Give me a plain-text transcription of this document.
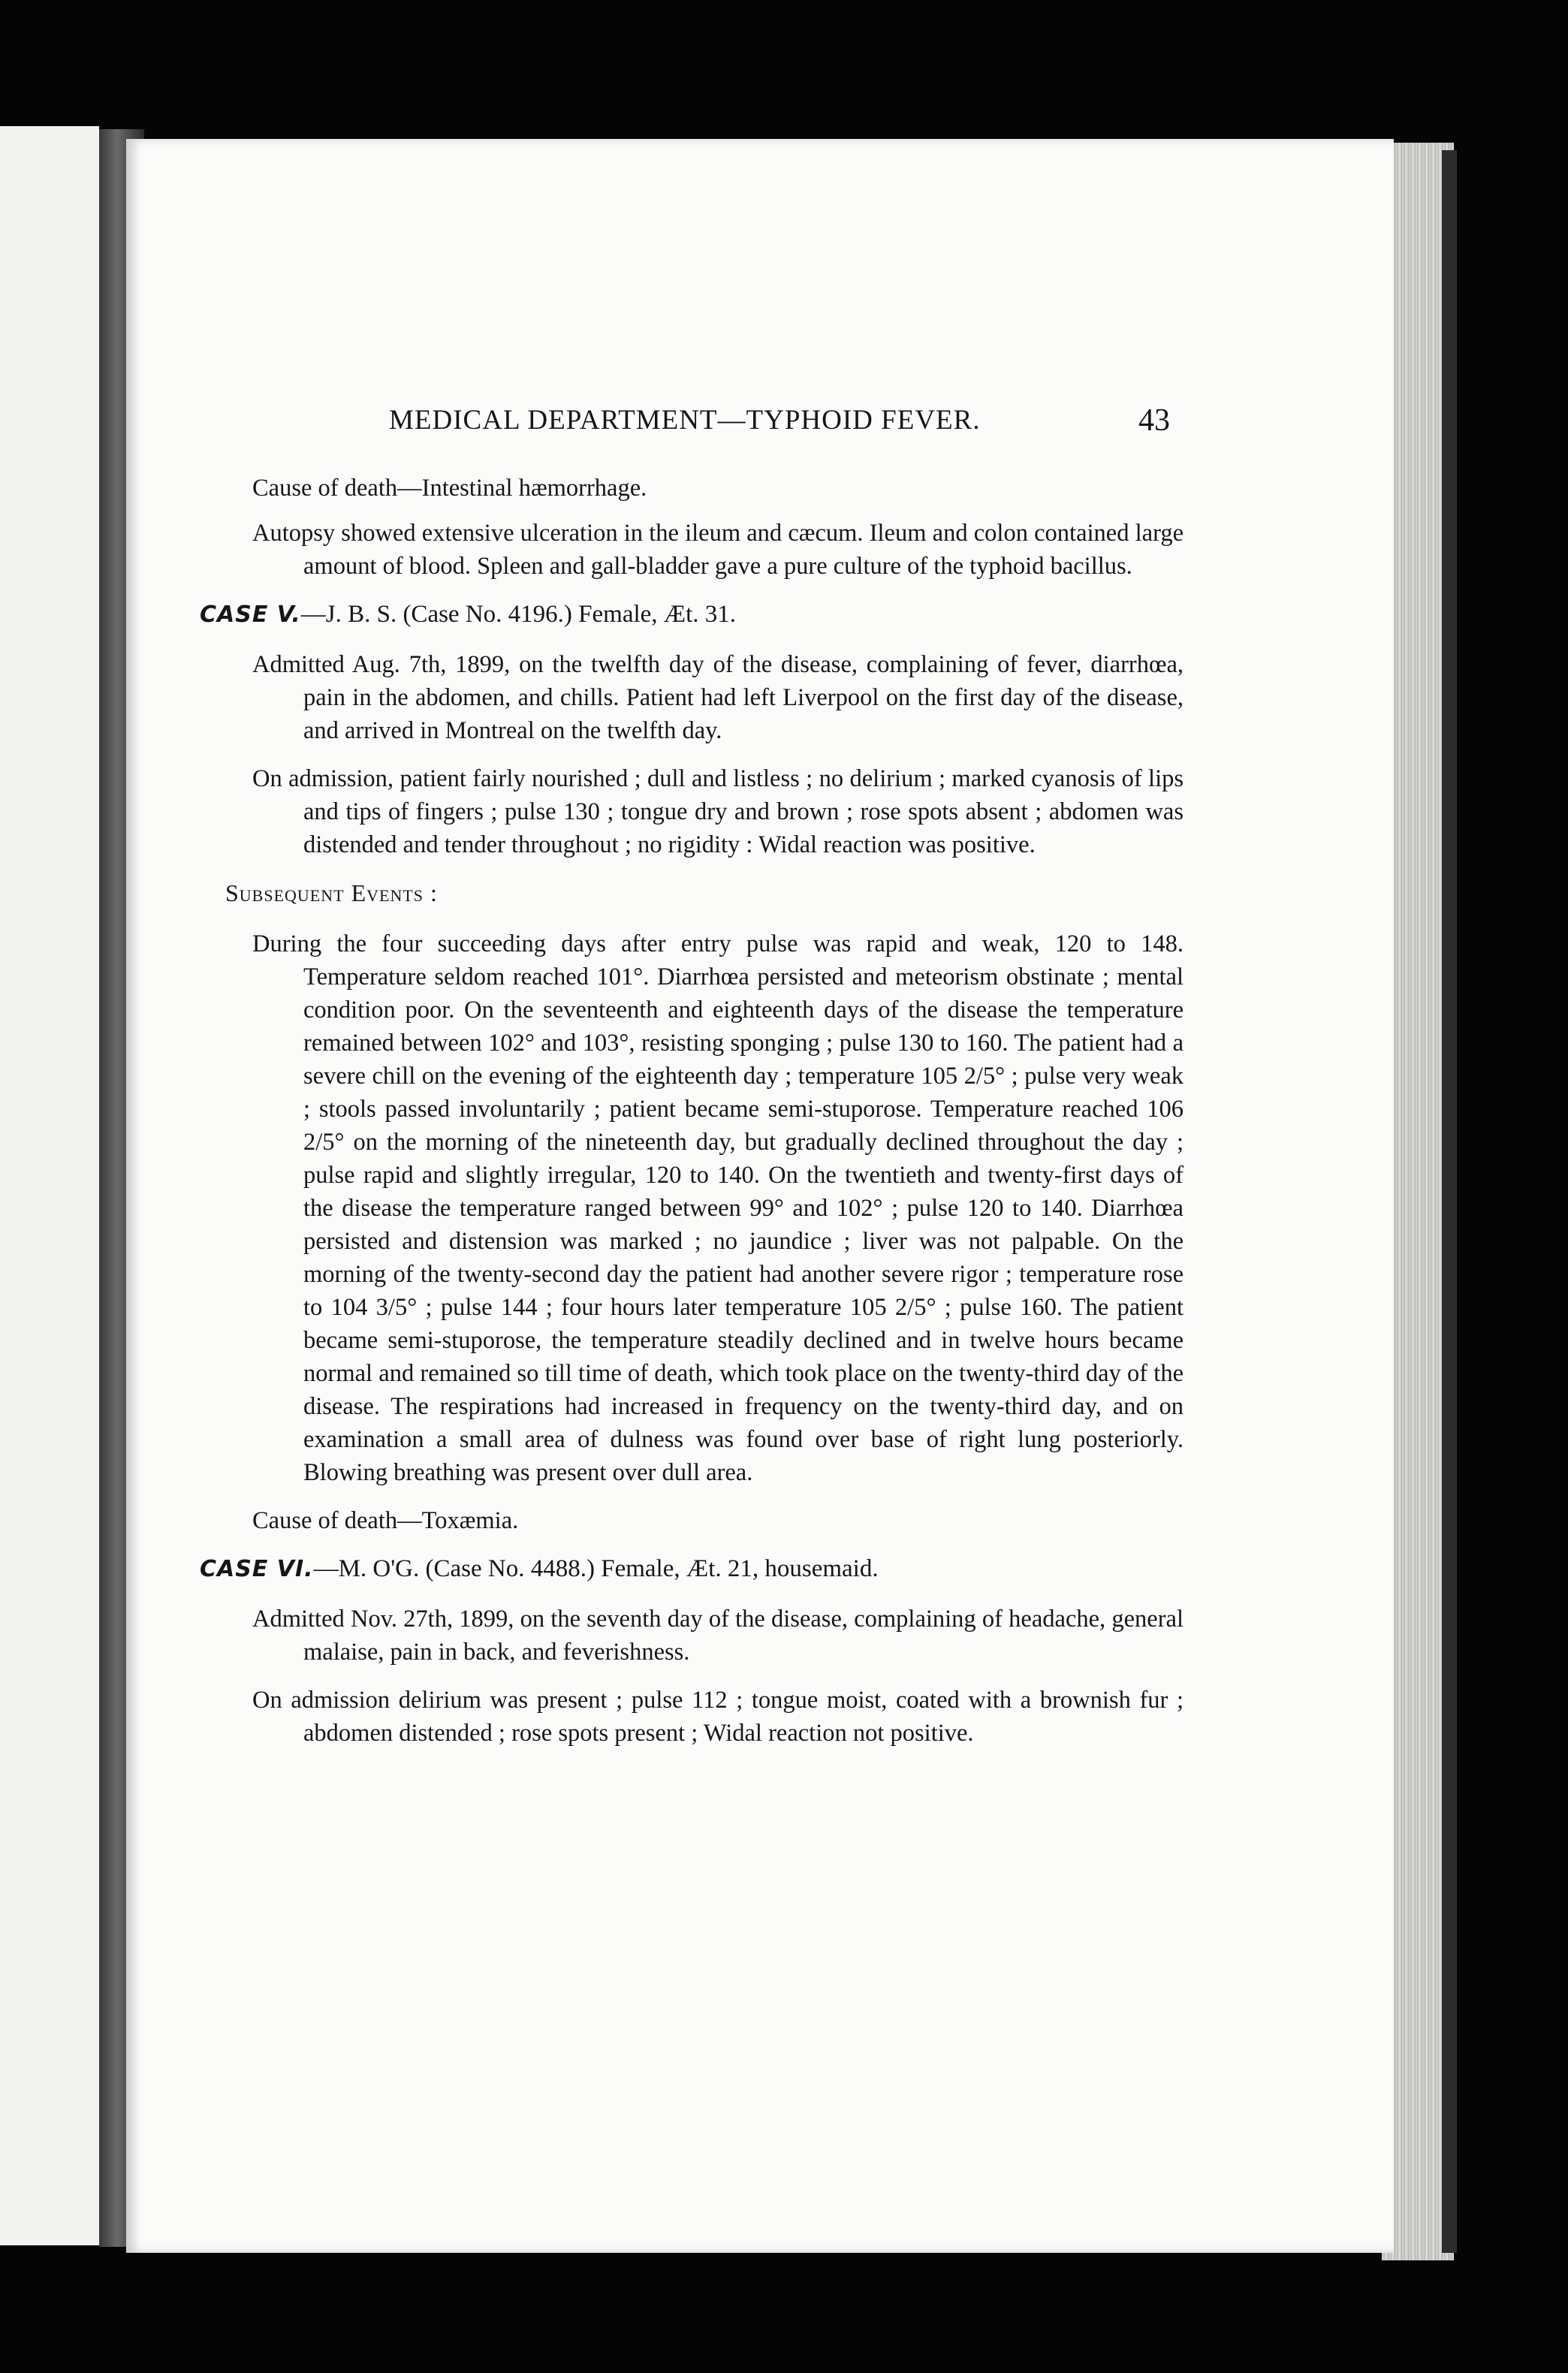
MEDICAL DEPARTMENT—TYPHOID FEVER.	43

Cause of death—Intestinal hæmorrhage.

Autopsy showed extensive ulceration in the ileum and cæcum. Ileum and colon contained large amount of blood. Spleen and gall-bladder gave a pure culture of the typhoid bacillus.

CASE V.—J. B. S. (Case No. 4196.) Female, Æt. 31.

Admitted Aug. 7th, 1899, on the twelfth day of the disease, complaining of fever, diarrhœa, pain in the abdomen, and chills. Patient had left Liverpool on the first day of the disease, and arrived in Montreal on the twelfth day.

On admission, patient fairly nourished ; dull and listless ; no delirium ; marked cyanosis of lips and tips of fingers ; pulse 130 ; tongue dry and brown ; rose spots absent ; abdomen was distended and tender throughout ; no rigidity : Widal reaction was positive.

Subsequent Events :

During the four succeeding days after entry pulse was rapid and weak, 120 to 148. Temperature seldom reached 101°. Diarrhœa persisted and meteorism obstinate ; mental condition poor. On the seventeenth and eighteenth days of the disease the temperature remained between 102° and 103°, resisting sponging ; pulse 130 to 160. The patient had a severe chill on the evening of the eighteenth day ; temperature 105 2/5° ; pulse very weak ; stools passed involuntarily ; patient became semi-stuporose. Temperature reached 106 2/5° on the morning of the nineteenth day, but gradually declined throughout the day ; pulse rapid and slightly irregular, 120 to 140. On the twentieth and twenty-first days of the disease the temperature ranged between 99° and 102° ; pulse 120 to 140. Diarrhœa persisted and distension was marked ; no jaundice ; liver was not palpable. On the morning of the twenty-second day the patient had another severe rigor ; temperature rose to 104 3/5° ; pulse 144 ; four hours later temperature 105 2/5° ; pulse 160. The patient became semi-stuporose, the temperature steadily declined and in twelve hours became normal and remained so till time of death, which took place on the twenty-third day of the disease. The respirations had increased in frequency on the twenty-third day, and on examination a small area of dulness was found over base of right lung posteriorly. Blowing breathing was present over dull area.

Cause of death—Toxæmia.

CASE VI.—M. O'G. (Case No. 4488.) Female, Æt. 21, housemaid.

Admitted Nov. 27th, 1899, on the seventh day of the disease, complaining of headache, general malaise, pain in back, and feverishness.

On admission delirium was present ; pulse 112 ; tongue moist, coated with a brownish fur ; abdomen distended ; rose spots present ; Widal reaction not positive.
